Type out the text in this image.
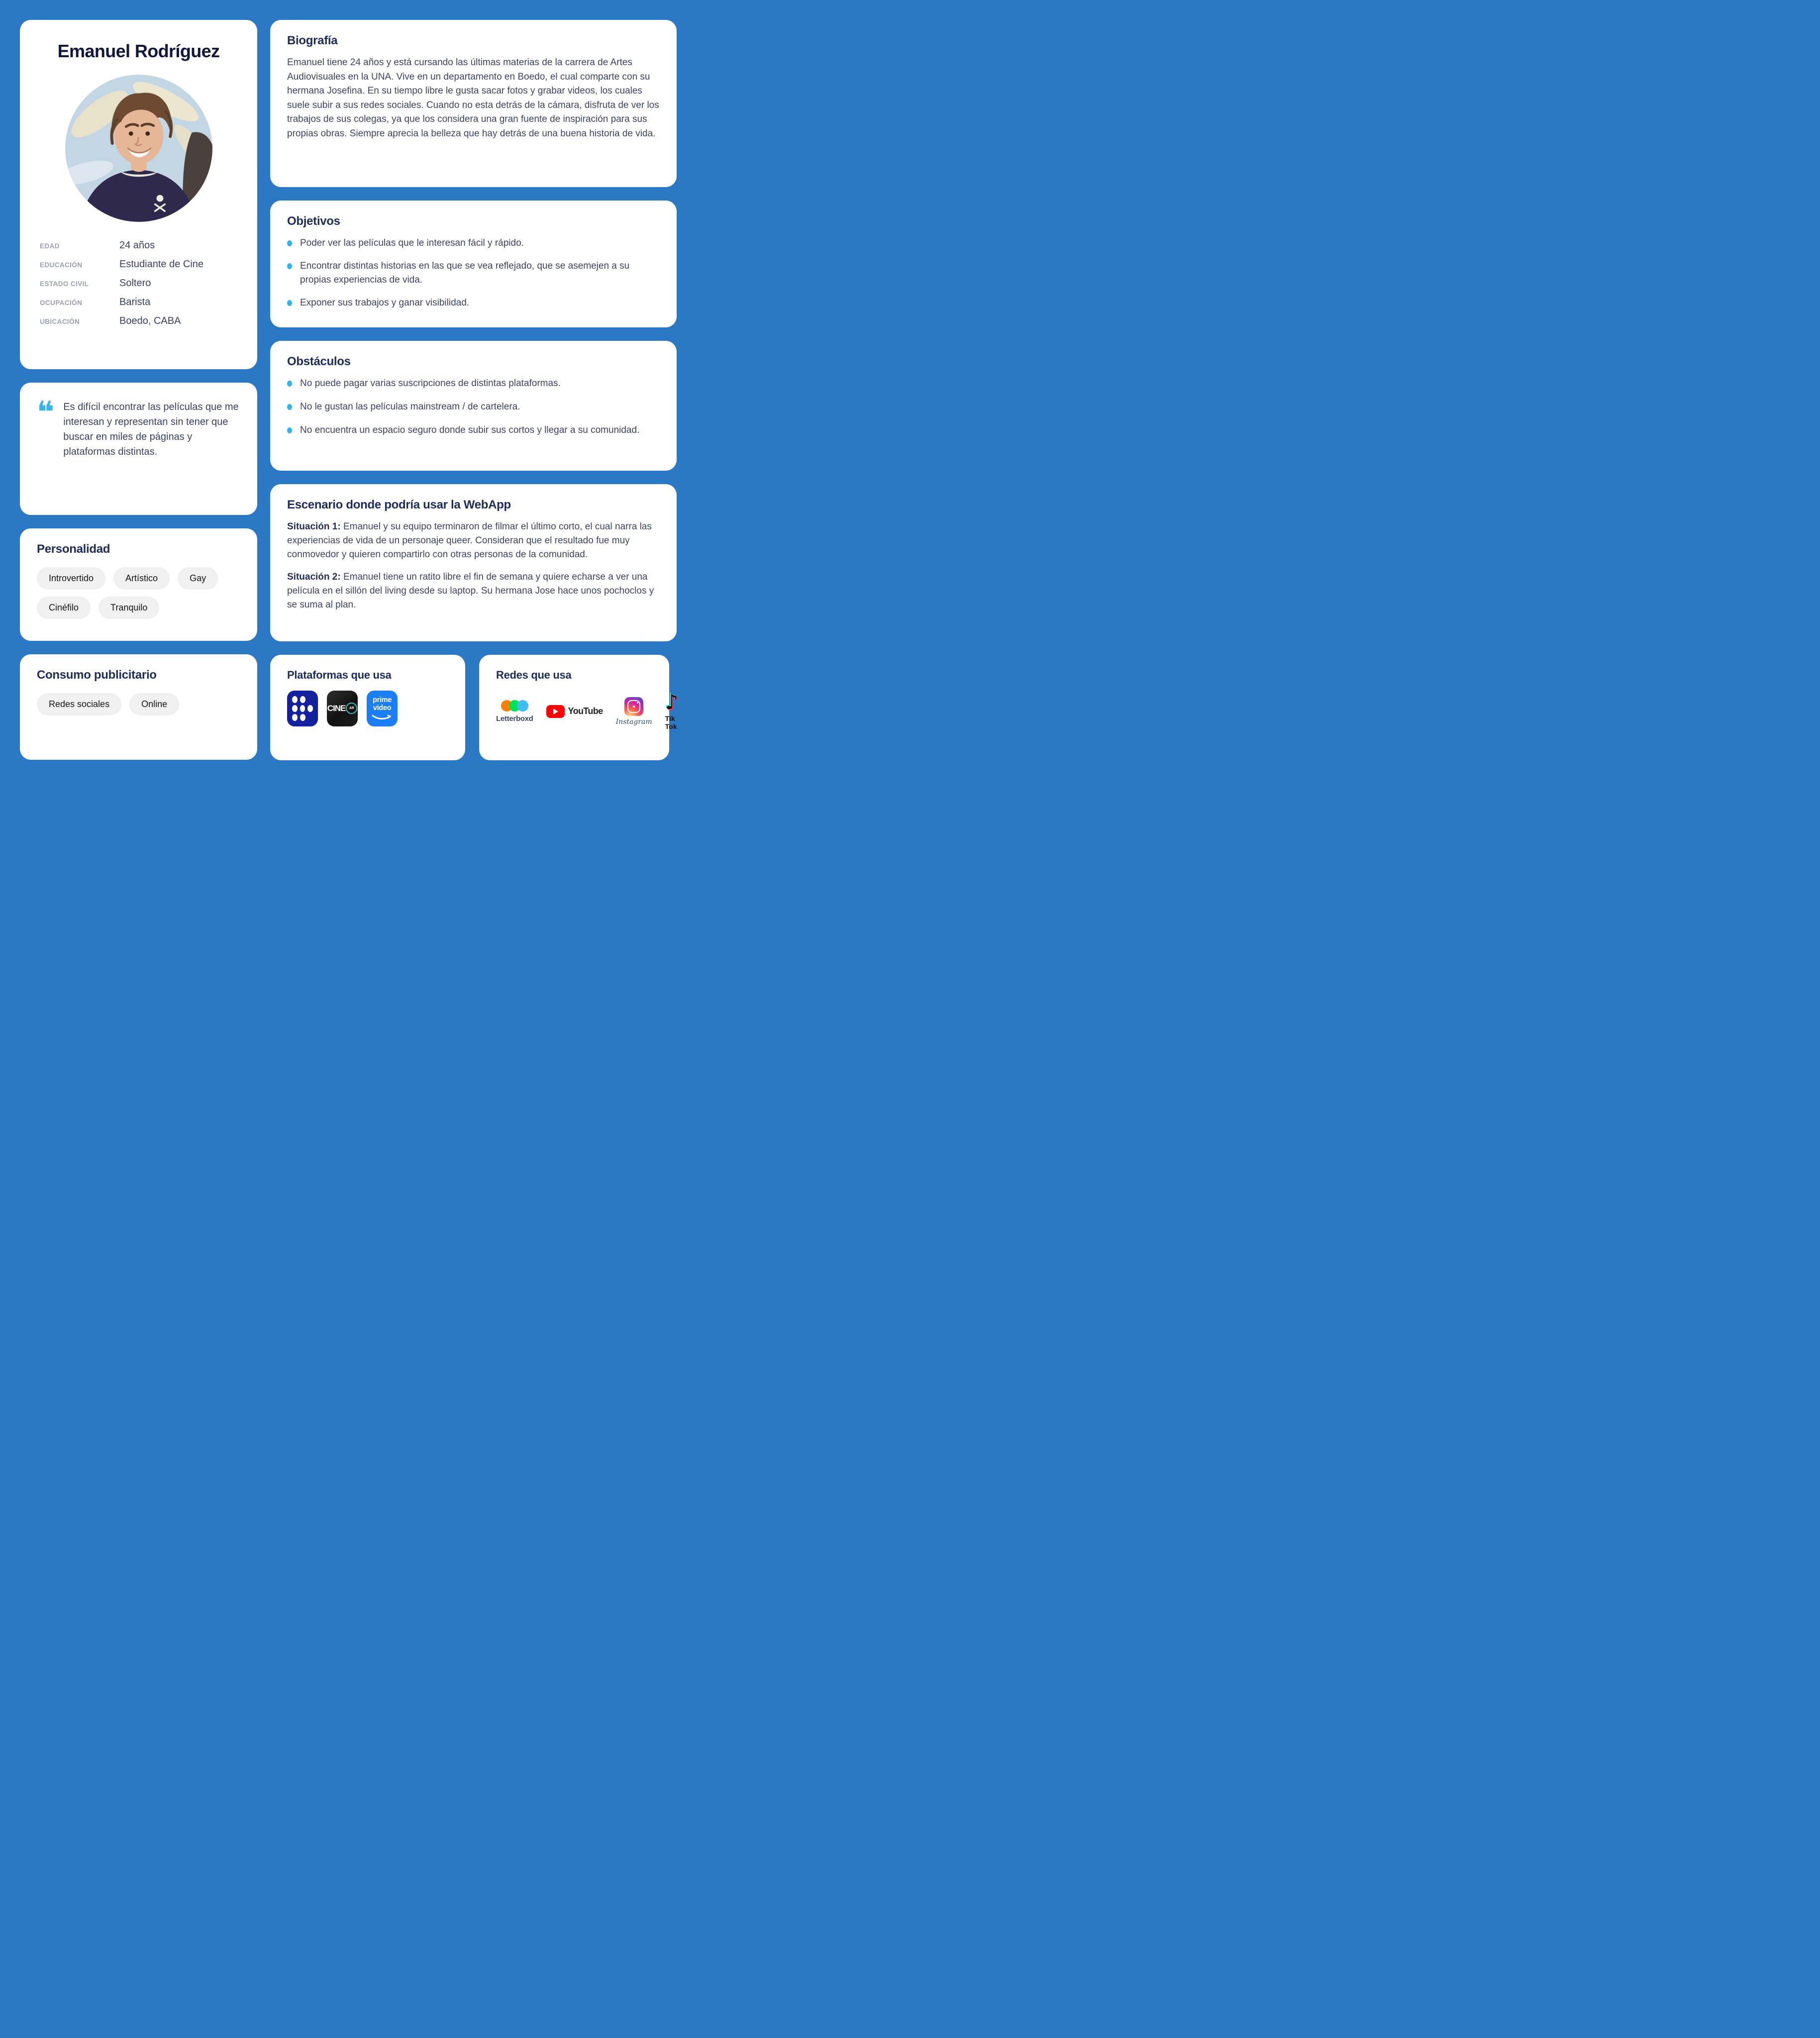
Emanuel Rodríguez
EDAD	24 años
EDUCACIÓN	Estudiante de Cine
ESTADO CIVIL	Soltero
OCUPACIÓN	Barista
UBICACIÓN	Boedo, CABA
❝ Es difícil encontrar las películas que me interesan y representan sin tener que buscar en miles de páginas y plataformas distintas.

Personalidad
Introvertido	Artístico	Gay
Cinéfilo	Tranquilo
Consumo publicitario
Redes sociales	Online
Biografía

Emanuel tiene 24 años y está cursando las últimas materias de la carrera de Artes Audiovisuales en la UNA. Vive en un departamento en Boedo, el cual comparte con su hermana Josefina. En su tiempo libre le gusta sacar fotos y grabar videos, los cuales suele subir a sus redes sociales. Cuando no esta detrás de la cámara, disfruta de ver los trabajos de sus colegas, ya que los considera una gran fuente de inspiración para sus propias obras. Siempre aprecia la belleza que hay detrás de una buena historia de vida.

Objetivos
Poder ver las películas que le interesan fácil y rápido.
Encontrar distintas historias en las que se vea reflejado, que se asemejen a su propias experiencias de vida.
Exponer sus trabajos y ganar visibilidad.
Obstáculos
No puede pagar varias suscripciones de distintas plataformas.
No le gustan las películas mainstream / de cartelera.
No encuentra un espacio seguro donde subir sus cortos y llegar a su comunidad.
Escenario donde podría usar la WebApp

Situación 1: Emanuel y su equipo terminaron de filmar el último corto, el cual narra las experiencias de vida de un personaje queer. Consideran que el resultado fue muy conmovedor y quieren compartirlo con otras personas de la comunidad.

Situación 2: Emanuel tiene un ratito libre el fin de semana y quiere echarse a ver una película en el sillón del living desde su laptop. Su hermana Jose hace unos pochoclos y se suma al plan.

Plataformas que usa
CINE	AR
prime
video
Redes que usa
Letterboxd
YouTube
Instagram
♪
Tik Tok
